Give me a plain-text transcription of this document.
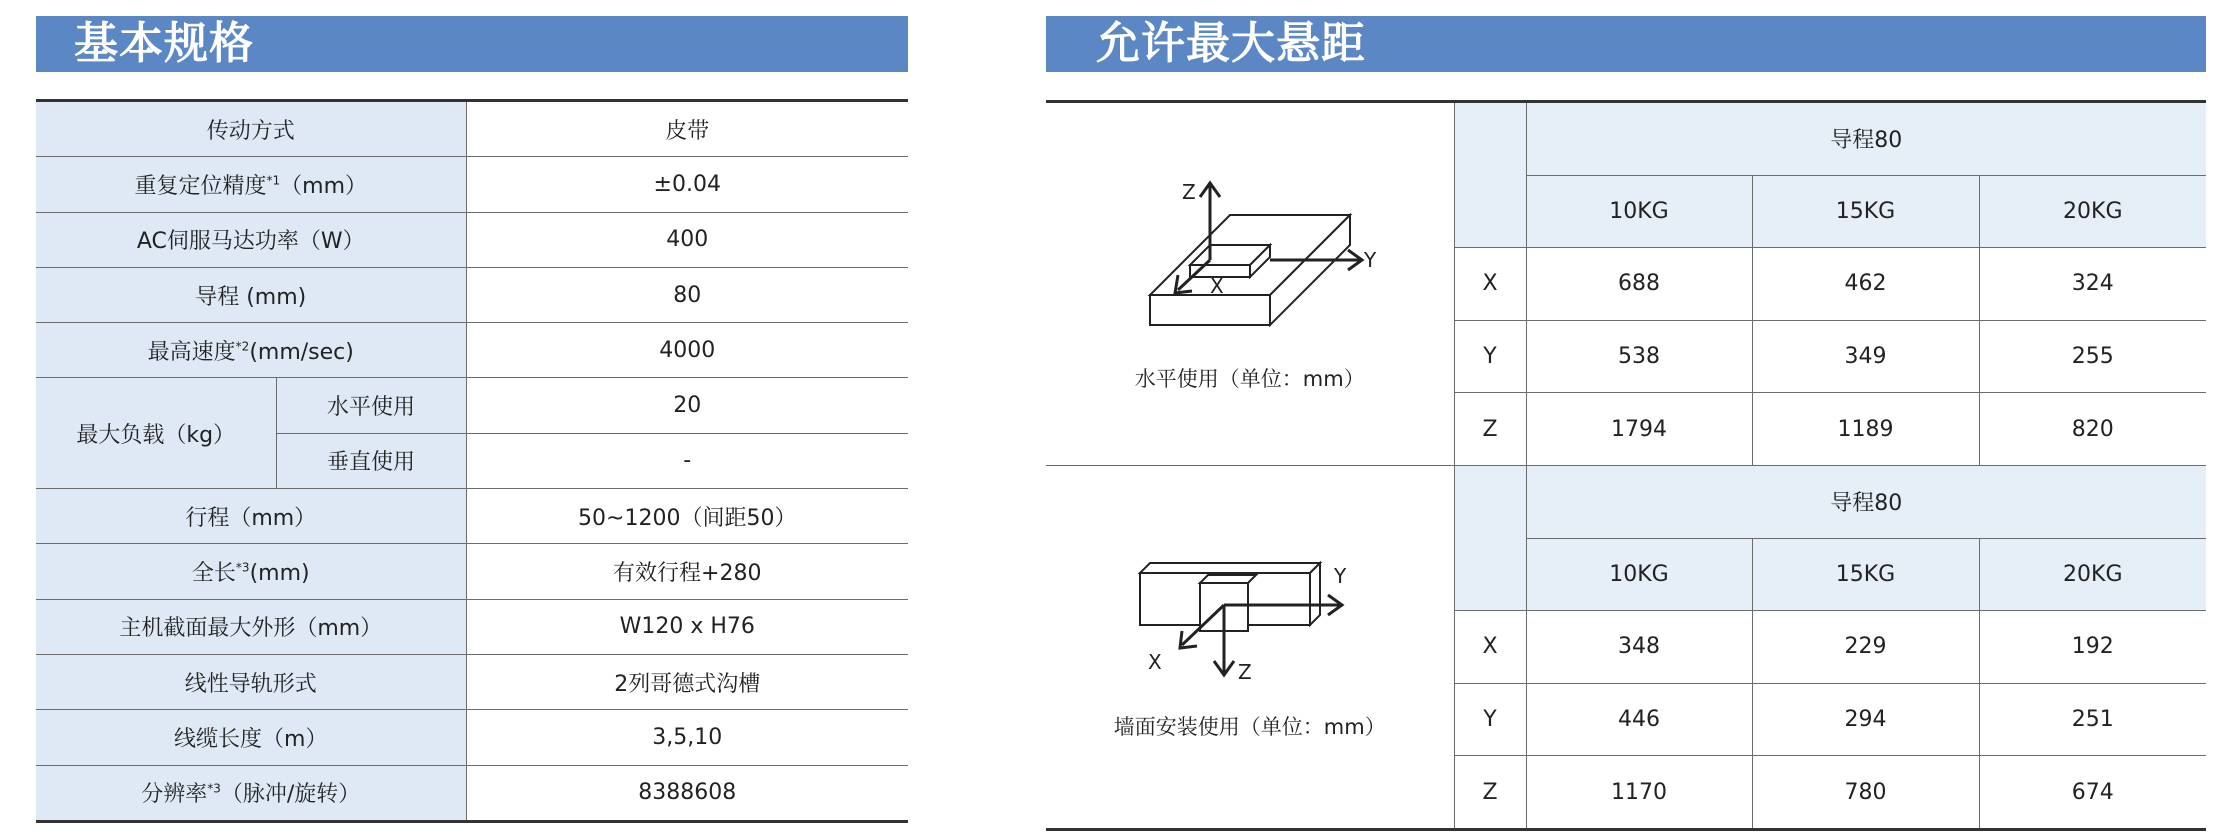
基本规格	允许最大悬距
传动方式		皮带
重复定位精度$^{*1}$（mm）		±0.04
AC伺服马达功率（W）		400
导程 (mm)		80
最高速度$^{*2}$(mm/sec)		4000
最大负载（kg）	水平使用	20
	垂直使用	-
行程（mm）		50~1200（间距50）
全长$^{*3}$(mm)		有效行程+280
主机截面最大外形（mm）		W120 x H76
线性导轨形式		2列哥德式沟槽
线缆长度（m）		3,5,10
分辨率$^{*3}$（脉冲/旋转）		8388608
Z
Y
X
水平使用（单位：mm）		导程80		
		10KG	15KG	20KG
	X	688	462	324
	Y	538	349	255
	Z	1794	1189	820

Y
Z
X
墙面安装使用（单位：mm）		导程80		
		10KG	15KG	20KG
	X	348	229	192
	Y	446	294	251
	Z	1170	780	674
